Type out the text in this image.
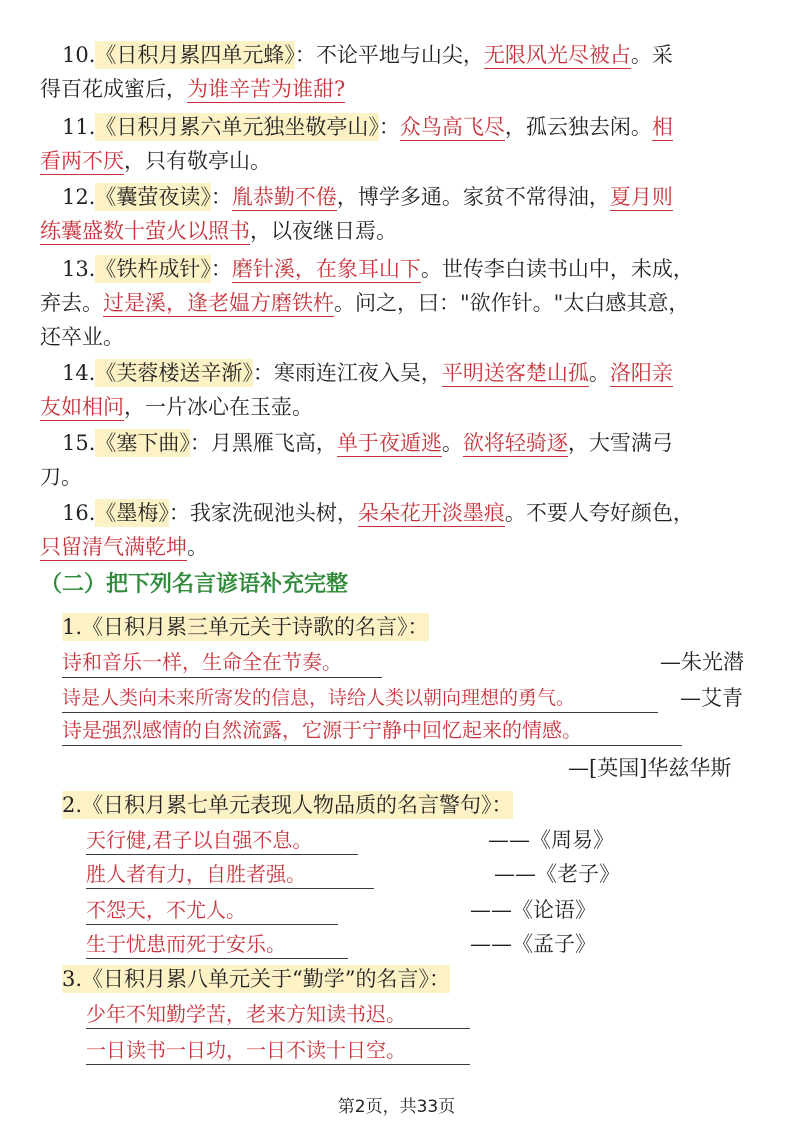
10.《日积月累四单元蜂》：不论平地与山尖，无限风光尽被占。采
得百花成蜜后，为谁辛苦为谁甜?
11.《日积月累六单元独坐敬亭山》：众鸟高飞尽，孤云独去闲。相
看两不厌，只有敬亭山。
12.《囊萤夜读》：胤恭勤不倦，博学多通。家贫不常得油，夏月则
练囊盛数十萤火以照书，以夜继日焉。
13.《铁杵成针》：磨针溪，在象耳山下。世传李白读书山中，未成，
弃去。过是溪，逢老媪方磨铁杵。问之，曰："欲作针。"太白感其意，
还卒业。
14.《芙蓉楼送辛渐》：寒雨连江夜入吴，平明送客楚山孤。洛阳亲
友如相问，一片冰心在玉壶。
15.《塞下曲》：月黑雁飞高，单于夜遁逃。欲将轻骑逐，大雪满弓
刀。
16.《墨梅》：我家洗砚池头树，朵朵花开淡墨痕。不要人夸好颜色，
只留清气满乾坤。
（二）把下列名言谚语补充完整
1.《日积月累三单元关于诗歌的名言》：
诗和音乐一样，生命全在节奏。	—朱光潜
诗是人类向未来所寄发的信息，诗给人类以朝向理想的勇气。	—艾青
诗是强烈感情的自然流露，它源于宁静中回忆起来的情感。
—[英国]华兹华斯
2.《日积月累七单元表现人物品质的名言警句》：
天行健,君子以自强不息。	——《周易》
胜人者有力，自胜者强。	——《老子》
不怨天，不尤人。	——《论语》
生于忧患而死于安乐。	——《孟子》
3.《日积月累八单元关于“勤学”的名言》：
少年不知勤学苦，老来方知读书迟。
一日读书一日功，一日不读十日空。
第2页，共33页
